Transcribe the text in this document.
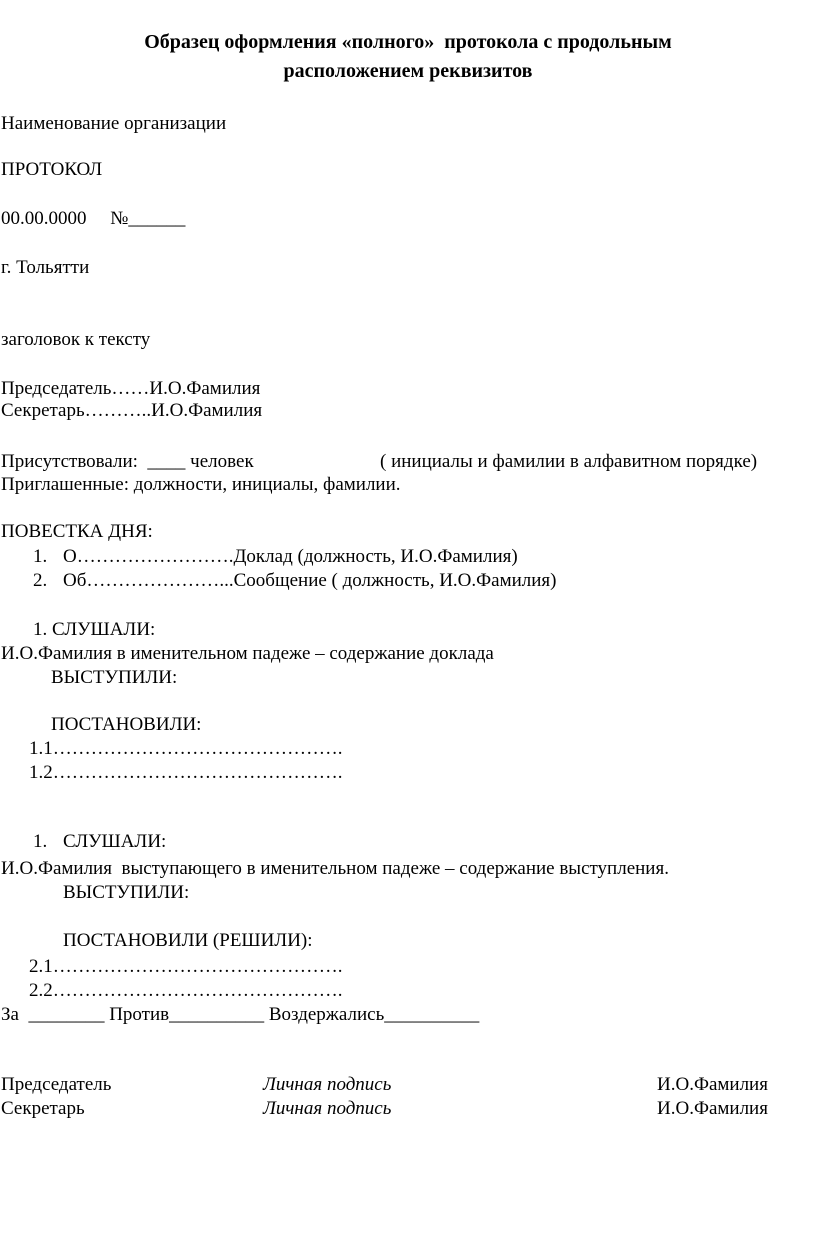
Образец оформления «полного»  протокола с продольным
расположением реквизитов
Наименование организации
ПРОТОКОЛ
00.00.0000     №______
г. Тольятти
заголовок к тексту
Председатель……И.О.Фамилия
Секретарь………..И.О.Фамилия
Присутствовали:  ____ человек	( инициалы и фамилии в алфавитном порядке)
Приглашенные: должности, инициалы, фамилии.
ПОВЕСТКА ДНЯ:
1. О…………………….Доклад (должность, И.О.Фамилия)
2. Об…………………...Сообщение ( должность, И.О.Фамилия)
1. СЛУШАЛИ:
И.О.Фамилия в именительном падеже – содержание доклада
ВЫСТУПИЛИ:
ПОСТАНОВИЛИ:
1.1……………………………………….
1.2……………………………………….
1. СЛУШАЛИ:
И.О.Фамилия  выступающего в именительном падеже – содержание выступления.
ВЫСТУПИЛИ:
ПОСТАНОВИЛИ (РЕШИЛИ):
2.1……………………………………….
2.2……………………………………….
За  ________ Против__________ Воздержались__________
Председатель	Личная подпись	И.О.Фамилия
Секретарь	Личная подпись	И.О.Фамилия
